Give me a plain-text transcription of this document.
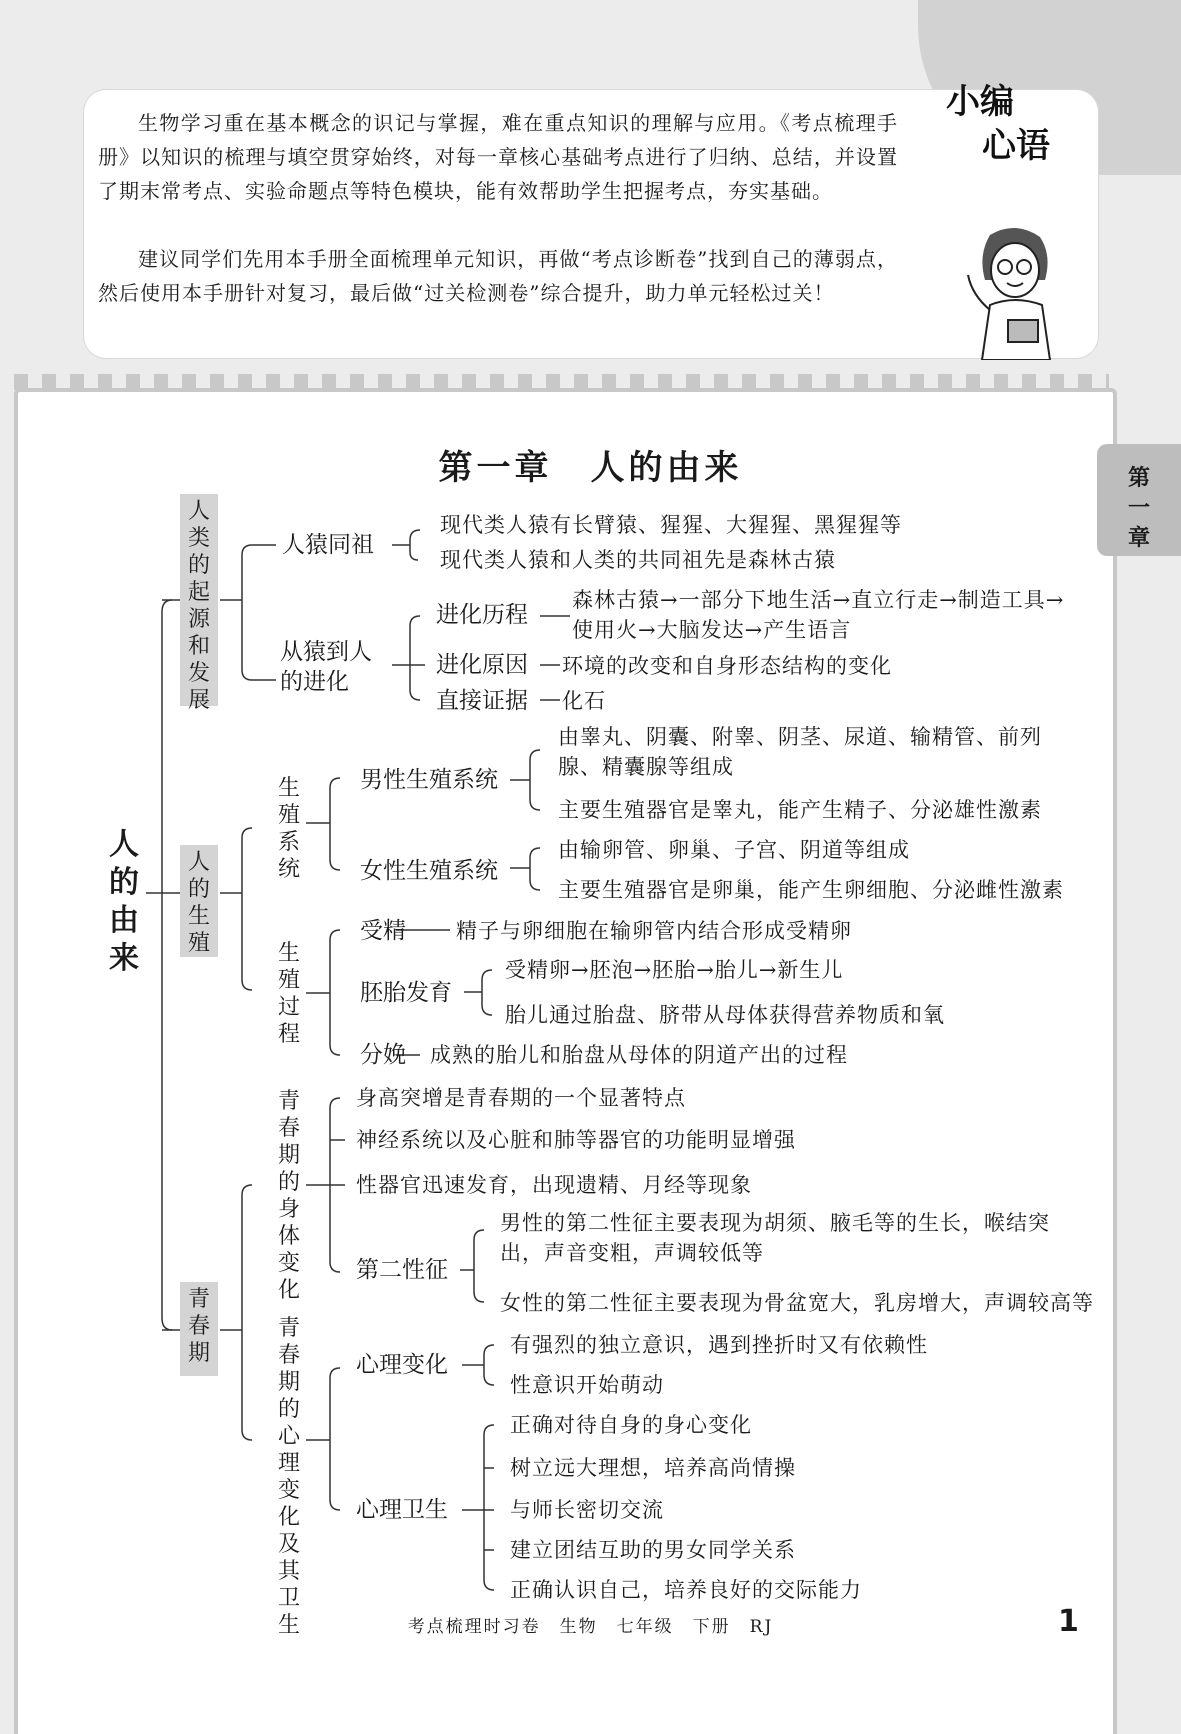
生物学习重在基本概念的识记与掌握，难在重点知识的理解与应用。《考点梳理手册》以知识的梳理与填空贯穿始终，对每一章核心基础考点进行了归纳、总结，并设置了期末常考点、实验命题点等特色模块，能有效帮助学生把握考点，夯实基础。

建议同学们先用本手册全面梳理单元知识，再做“考点诊断卷”找到自己的薄弱点，然后使用本手册针对复习，最后做“过关检测卷”综合提升，助力单元轻松过关！

小编
心语
第一章
第一章　人的由来
人的由来
人类的起源和发展
人猿同祖
现代类人猿有长臂猿、猩猩、大猩猩、黑猩猩等
现代类人猿和人类的共同祖先是森林古猿
从猿到人的进化
进化历程
森林古猿→一部分下地生活→直立行走→制造工具→使用火→大脑发达→产生语言
进化原因 环境的改变和自身形态结构的变化
直接证据 化石
人的生殖
生殖系统
男性生殖系统
由睾丸、阴囊、附睾、阴茎、尿道、输精管、前列腺、精囊腺等组成
主要生殖器官是睾丸，能产生精子、分泌雄性激素
女性生殖系统
由输卵管、卵巢、子宫、阴道等组成
主要生殖器官是卵巢，能产生卵细胞、分泌雌性激素
生殖过程
受精 精子与卵细胞在输卵管内结合形成受精卵
胚胎发育
受精卵→胚泡→胚胎→胎儿→新生儿
胎儿通过胎盘、脐带从母体获得营养物质和氧
分娩 成熟的胎儿和胎盘从母体的阴道产出的过程
青春期
青春期的身体变化
身高突增是青春期的一个显著特点
神经系统以及心脏和肺等器官的功能明显增强
性器官迅速发育，出现遗精、月经等现象
第二性征
男性的第二性征主要表现为胡须、腋毛等的生长，喉结突出，声音变粗，声调较低等
女性的第二性征主要表现为骨盆宽大，乳房增大，声调较高等
青春期的心理变化及其卫生
心理变化
有强烈的独立意识，遇到挫折时又有依赖性
性意识开始萌动
心理卫生
正确对待自身的身心变化
树立远大理想，培养高尚情操
与师长密切交流
建立团结互助的男女同学关系
正确认识自己，培养良好的交际能力
考点梳理时习卷　生物　七年级　下册　RJ	1
